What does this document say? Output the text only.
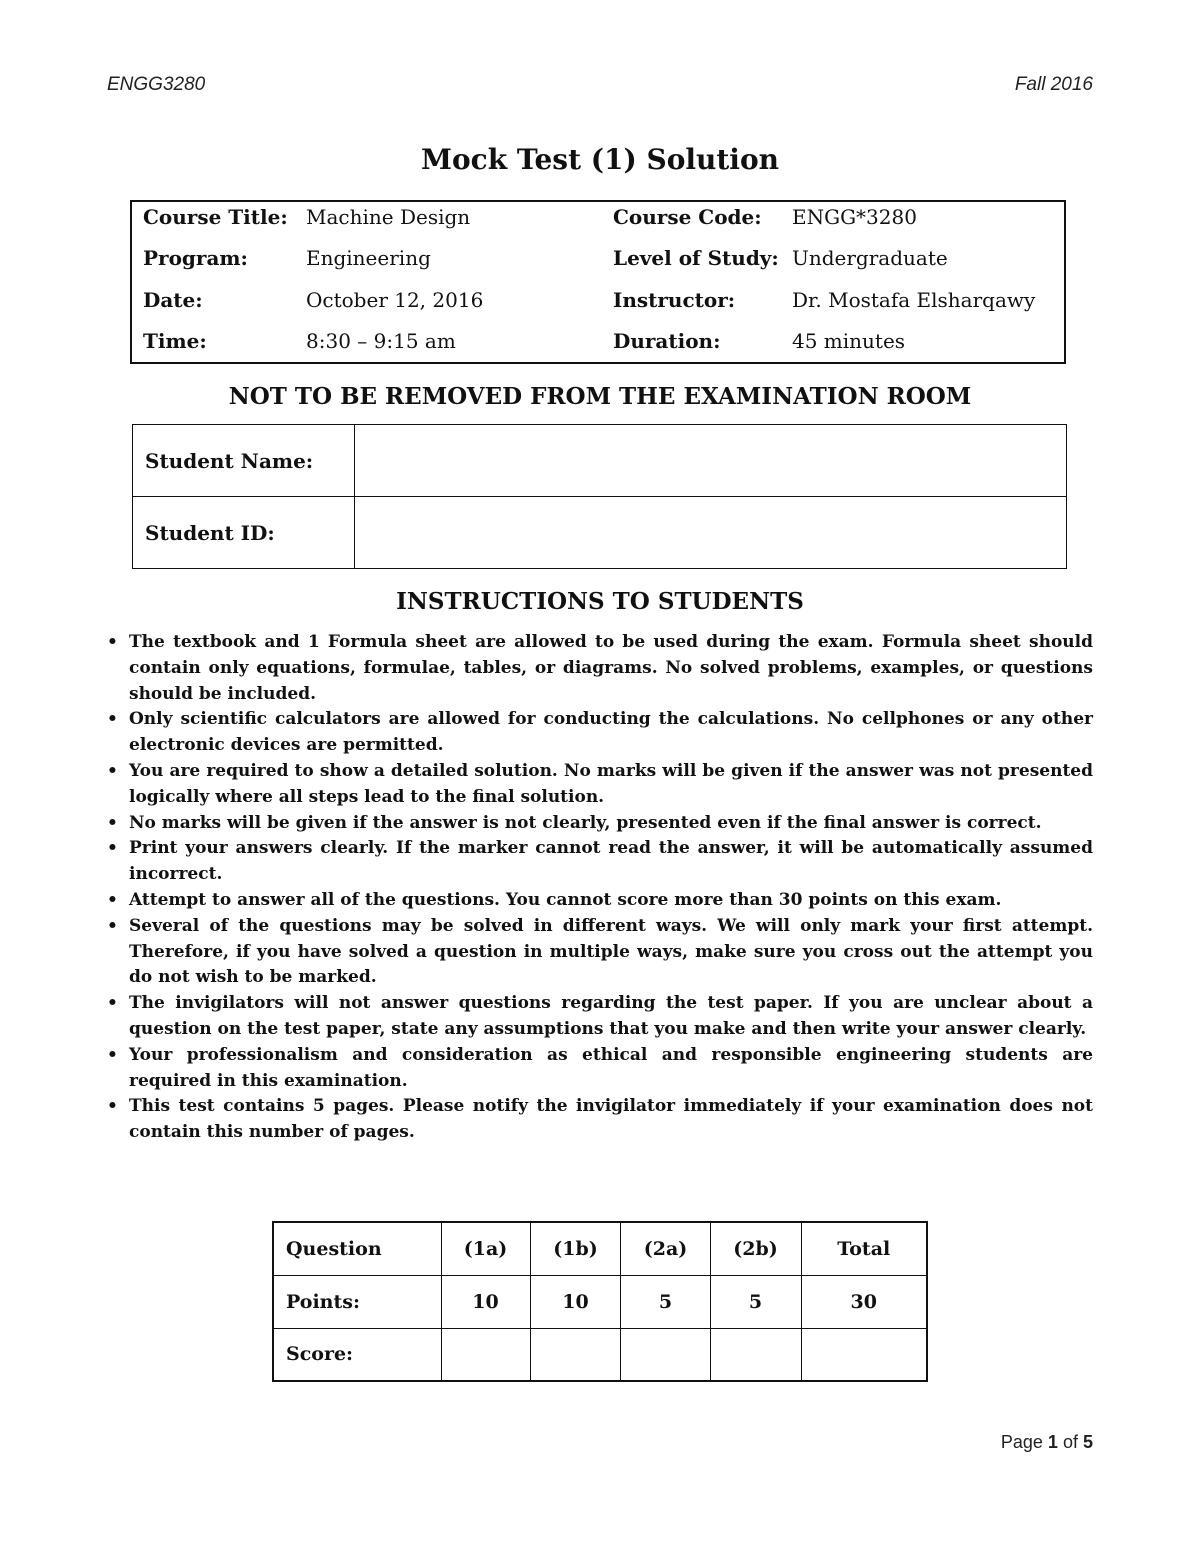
ENGG3280	Fall 2016
Mock Test (1) Solution
Course Title: Machine Design	Course Code: ENGG*3280
Program:	Engineering	Level of Study: Undergraduate
Date:	October 12, 2016	Instructor:	Dr. Mostafa Elsharqawy
Time:	8:30 – 9:15 am	Duration:	45 minutes
NOT TO BE REMOVED FROM THE EXAMINATION ROOM
Student Name:	
Student ID:	
INSTRUCTIONS TO STUDENTS
• The textbook and 1 Formula sheet are allowed to be used during the exam. Formula sheet should contain only equations, formulae, tables, or diagrams. No solved problems, examples, or questions should be included.
• Only scientific calculators are allowed for conducting the calculations. No cellphones or any other electronic devices are permitted.
• You are required to show a detailed solution. No marks will be given if the answer was not presented logically where all steps lead to the final solution.
• No marks will be given if the answer is not clearly, presented even if the final answer is correct.
• Print your answers clearly. If the marker cannot read the answer, it will be automatically assumed incorrect.
• Attempt to answer all of the questions. You cannot score more than 30 points on this exam.
• Several of the questions may be solved in different ways. We will only mark your first attempt. Therefore, if you have solved a question in multiple ways, make sure you cross out the attempt you do not wish to be marked.
• The invigilators will not answer questions regarding the test paper. If you are unclear about a question on the test paper, state any assumptions that you make and then write your answer clearly.
• Your professionalism and consideration as ethical and responsible engineering students are required in this examination.
• This test contains 5 pages. Please notify the invigilator immediately if your examination does not contain this number of pages.
Question	(1a)	(1b)	(2a)	(2b)	Total
Points:	10	10	5	5	30
Score:					
Page 1 of 5
